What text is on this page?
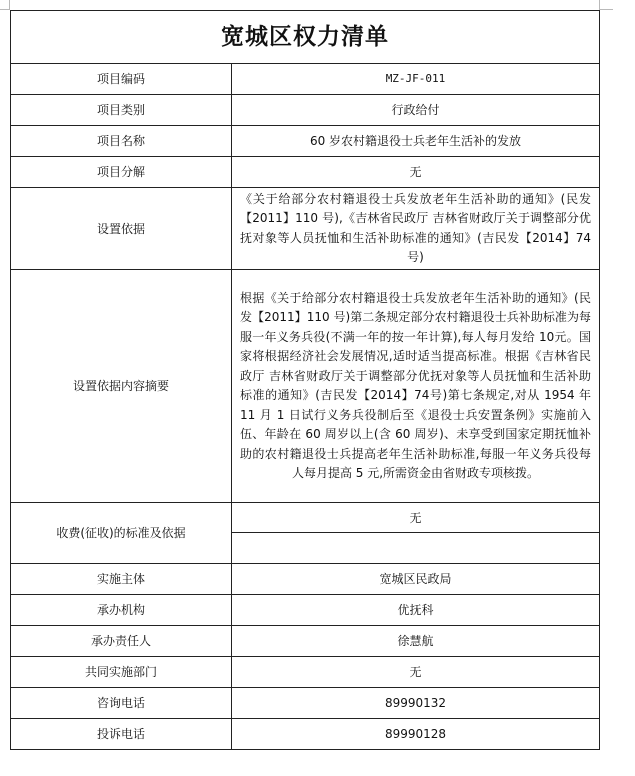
宽城区权力清单	
项目编码	MZ-JF-011
项目类别	行政给付
项目名称	60 岁农村籍退役士兵老年生活补的发放
项目分解	无
设置依据	《关于给部分农村籍退役士兵发放老年生活补助的通知》(民发【2011】110 号),《吉林省民政厅 吉林省财政厅关于调整部分优抚对象等人员抚恤和生活补助标准的通知》(吉民发【2014】74 号)
设置依据内容摘要	根据《关于给部分农村籍退役士兵发放老年生活补助的通知》(民发【2011】110 号)第二条规定部分农村籍退役士兵补助标准为每服一年义务兵役(不满一年的按一年计算),每人每月发给 10元。国家将根据经济社会发展情况,适时适当提高标准。根据《吉林省民政厅 吉林省财政厅关于调整部分优抚对象等人员抚恤和生活补助标准的通知》(吉民发【2014】74号)第七条规定,对从 1954 年 11 月 1 日试行义务兵役制后至《退役士兵安置条例》实施前入伍、年龄在 60 周岁以上(含 60 周岁)、未享受到国家定期抚恤补助的农村籍退役士兵提高老年生活补助标准,每服一年义务兵役每人每月提高 5 元,所需资金由省财政专项核拨。
收费(征收)的标准及依据	无

实施主体	宽城区民政局
承办机构	优抚科
承办责任人	徐慧航
共同实施部门	无
咨询电话	89990132
投诉电话	89990128
